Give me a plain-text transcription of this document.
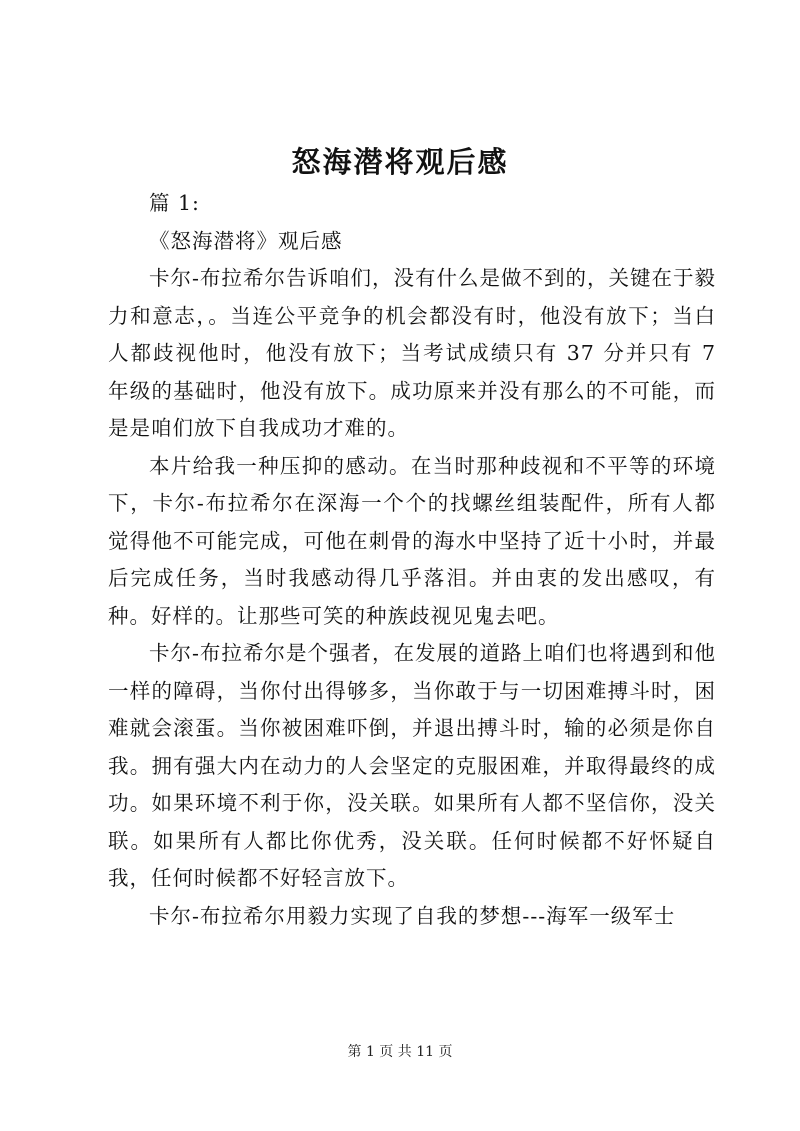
怒海潜将观后感

篇 1:

《怒海潜将》观后感

卡尔-布拉希尔告诉咱们，没有什么是做不到的，关键在于毅力和意志，。当连公平竞争的机会都没有时，他没有放下；当白人都歧视他时，他没有放下；当考试成绩只有 37 分并只有 7 年级的基础时，他没有放下。成功原来并没有那么的不可能，而是是咱们放下自我成功才难的。

本片给我一种压抑的感动。在当时那种歧视和不平等的环境下，卡尔-布拉希尔在深海一个个的找螺丝组装配件，所有人都觉得他不可能完成，可他在刺骨的海水中坚持了近十小时，并最后完成任务，当时我感动得几乎落泪。并由衷的发出感叹，有种。好样的。让那些可笑的种族歧视见鬼去吧。

卡尔-布拉希尔是个强者，在发展的道路上咱们也将遇到和他一样的障碍，当你付出得够多，当你敢于与一切困难搏斗时，困难就会滚蛋。当你被困难吓倒，并退出搏斗时，输的必须是你自我。拥有强大内在动力的人会坚定的克服困难，并取得最终的成功。如果环境不利于你，没关联。如果所有人都不坚信你，没关联。如果所有人都比你优秀，没关联。任何时候都不好怀疑自我，任何时候都不好轻言放下。

卡尔-布拉希尔用毅力实现了自我的梦想---海军一级军士

第 1 页 共 11 页
